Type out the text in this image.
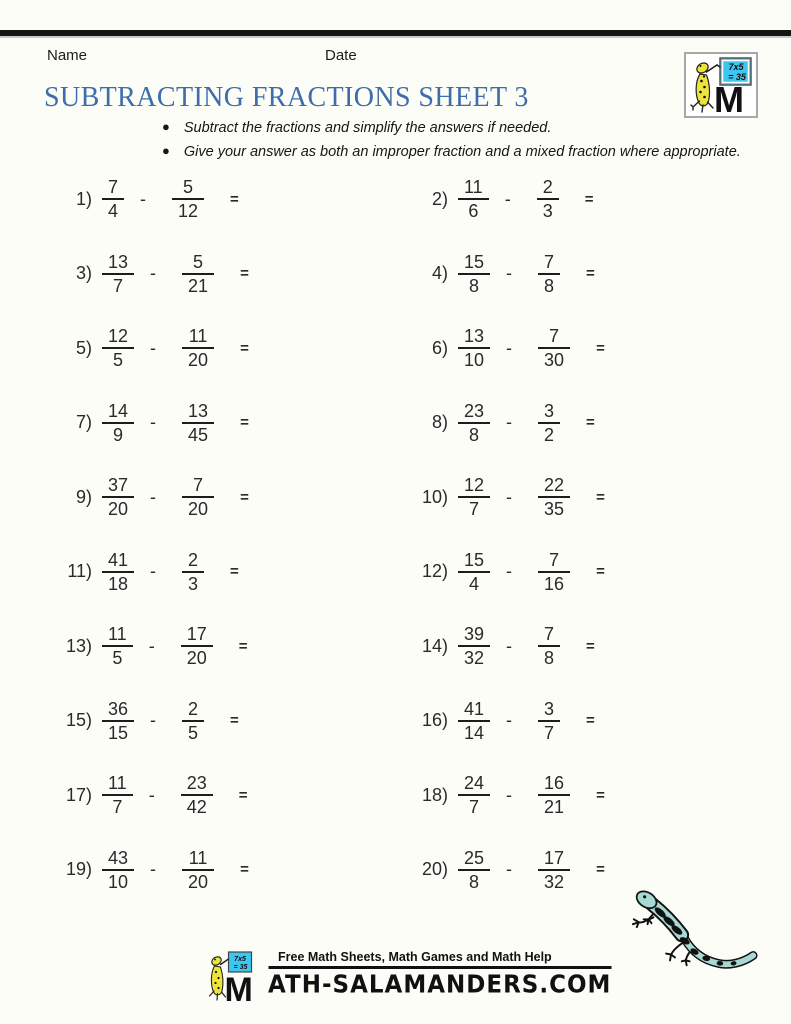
Name	Date
SUBTRACTING FRACTIONS SHEET 3
7x5
= 35
M
● Subtract the fractions and simplify the answers if needed.
● Give your answer as both an improper fraction and a mixed fraction where appropriate.
$1) \frac{7}{4} - \frac{5}{12}$ =	$2) \frac{11}{6} - \frac{2}{3}$ =
$3) \frac{13}{7} - \frac{5}{21}$ =	$4) \frac{15}{8} - \frac{7}{8}$ =
$5) \frac{12}{5} - \frac{11}{20}$ =	$6) \frac{13}{10} - \frac{7}{30}$ =
$7) \frac{14}{9} - \frac{13}{45}$ =	$8) \frac{23}{8} - \frac{3}{2}$ =
$9) \frac{37}{20} - \frac{7}{20}$ =	$10) \frac{12}{7} - \frac{22}{35}$ =
$11) \frac{41}{18} - \frac{2}{3}$ =	$12) \frac{15}{4} - \frac{7}{16}$ =
$13) \frac{11}{5} - \frac{17}{20}$ =	$14) \frac{39}{32} - \frac{7}{8}$ =
$15) \frac{36}{15} - \frac{2}{5}$ =	$16) \frac{41}{14} - \frac{3}{7}$ =
$17) \frac{11}{7} - \frac{23}{42}$ =	$18) \frac{24}{7} - \frac{16}{21}$ =
$19) \frac{43}{10} - \frac{11}{20}$ =	$20) \frac{25}{8} - \frac{17}{32}$ =
7x5
= 35
M
Free Math Sheets, Math Games and Math Help
ATH-SALAMANDERS.COM
